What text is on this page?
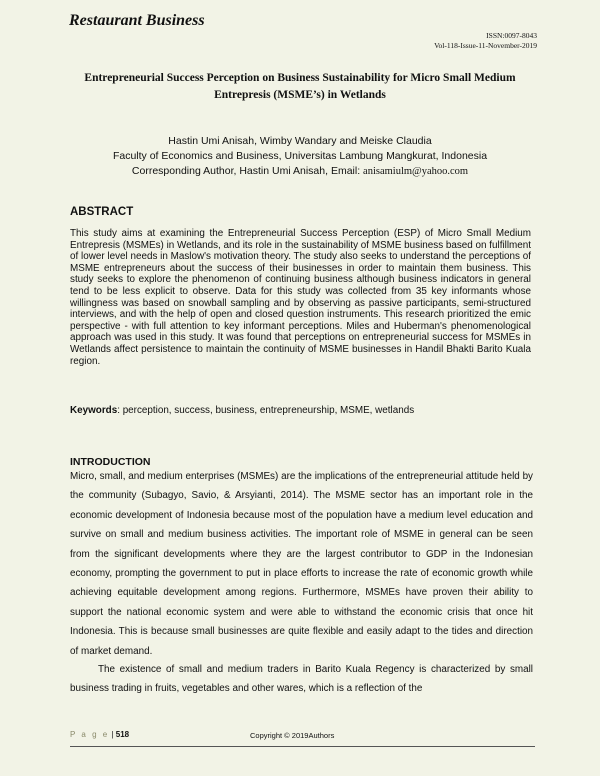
Restaurant Business
ISSN:0097-8043
Vol-118-Issue-11-November-2019
Entrepreneurial Success Perception on Business Sustainability for Micro Small Medium Entrepresis (MSME’s) in Wetlands
Hastin Umi Anisah, Wimby Wandary and Meiske Claudia
Faculty of Economics and Business, Universitas Lambung Mangkurat, Indonesia
Corresponding Author, Hastin Umi Anisah, Email: anisamiulm@yahoo.com
ABSTRACT

This study aims at examining the Entrepreneurial Success Perception (ESP) of Micro Small Medium Entrepresis (MSMEs) in Wetlands, and its role in the sustainability of MSME business based on fulfillment of lower level needs in Maslow's motivation theory. The study also seeks to understand the perceptions of MSME entrepreneurs about the success of their businesses in order to maintain them business. This study seeks to explore the phenomenon of continuing business although business indicators in general tend to be less explicit to observe. Data for this study was collected from 35 key informants whose willingness was based on snowball sampling and by observing as passive participants, semi-structured interviews, and with the help of open and closed question instruments. This research prioritized the emic perspective - with full attention to key informant perceptions. Miles and Huberman's phenomenological approach was used in this study. It was found that perceptions on entrepreneurial success for MSMEs in Wetlands affect persistence to maintain the continuity of MSME businesses in Handil Bhakti Barito Kuala region.

Keywords: perception, success, business, entrepreneurship, MSME, wetlands

INTRODUCTION

Micro, small, and medium enterprises (MSMEs) are the implications of the entrepreneurial attitude held by the community (Subagyo, Savio, & Arsyianti, 2014). The MSME sector has an important role in the economic development of Indonesia because most of the population have a medium level education and survive on small and medium business activities. The important role of MSME in general can be seen from the significant developments where they are the largest contributor to GDP in the Indonesian economy, prompting the government to put in place efforts to increase the rate of economic growth while achieving equitable development among regions. Furthermore, MSMEs have proven their ability to support the national economic system and were able to withstand the economic crisis that once hit Indonesia. This is because small businesses are quite flexible and easily adapt to the tides and direction of market demand.

The existence of small and medium traders in Barito Kuala Regency is characterized by small business trading in fruits, vegetables and other wares, which is a reflection of the

P a g e | 518	Copyright © 2019Authors
